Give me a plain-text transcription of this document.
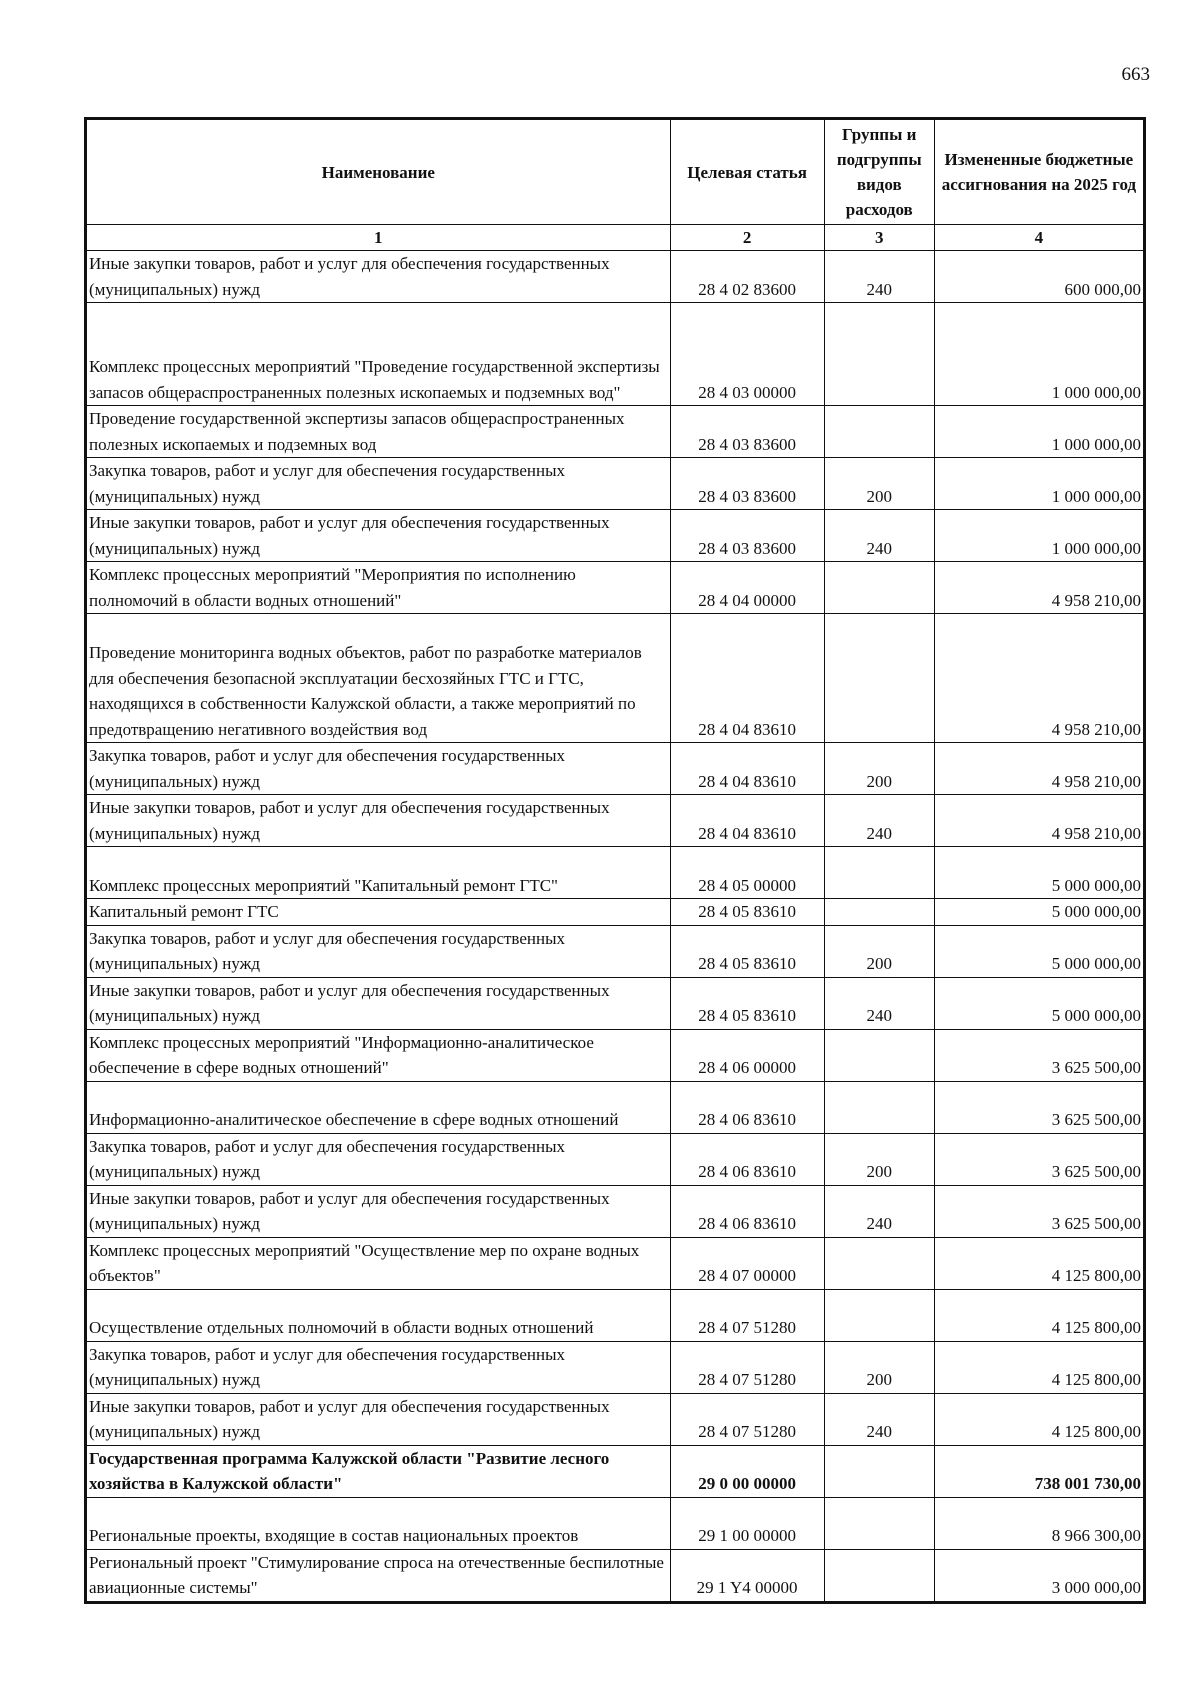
663
Наименование	Целевая статья	Группы и подгруппы видов расходов	Измененные бюджетные ассигнования на 2025 год
1	2	3	4
Иные закупки товаров, работ и услуг для обеспечения государственных (муниципальных) нужд	28 4 02 83600	240	600 000,00
Комплекс процессных мероприятий "Проведение государственной экспертизы запасов общераспространенных полезных ископаемых и подземных вод"	28 4 03 00000		1 000 000,00
Проведение государственной экспертизы запасов общераспространенных полезных ископаемых и подземных вод	28 4 03 83600		1 000 000,00
Закупка товаров, работ и услуг для обеспечения государственных (муниципальных) нужд	28 4 03 83600	200	1 000 000,00
Иные закупки товаров, работ и услуг для обеспечения государственных (муниципальных) нужд	28 4 03 83600	240	1 000 000,00
Комплекс процессных мероприятий "Мероприятия по исполнению полномочий в области водных отношений"	28 4 04 00000		4 958 210,00
Проведение мониторинга водных объектов, работ по разработке материалов для обеспечения безопасной эксплуатации бесхозяйных ГТС и ГТС, находящихся в собственности Калужской области, а также мероприятий по предотвращению негативного воздействия вод	28 4 04 83610		4 958 210,00
Закупка товаров, работ и услуг для обеспечения государственных (муниципальных) нужд	28 4 04 83610	200	4 958 210,00
Иные закупки товаров, работ и услуг для обеспечения государственных (муниципальных) нужд	28 4 04 83610	240	4 958 210,00
Комплекс процессных мероприятий "Капитальный ремонт ГТС"	28 4 05 00000		5 000 000,00
Капитальный ремонт ГТС	28 4 05 83610		5 000 000,00
Закупка товаров, работ и услуг для обеспечения государственных (муниципальных) нужд	28 4 05 83610	200	5 000 000,00
Иные закупки товаров, работ и услуг для обеспечения государственных (муниципальных) нужд	28 4 05 83610	240	5 000 000,00
Комплекс процессных мероприятий "Информационно-аналитическое обеспечение в сфере водных отношений"	28 4 06 00000		3 625 500,00
Информационно-аналитическое обеспечение в сфере водных отношений	28 4 06 83610		3 625 500,00
Закупка товаров, работ и услуг для обеспечения государственных (муниципальных) нужд	28 4 06 83610	200	3 625 500,00
Иные закупки товаров, работ и услуг для обеспечения государственных (муниципальных) нужд	28 4 06 83610	240	3 625 500,00
Комплекс процессных мероприятий "Осуществление мер по охране водных объектов"	28 4 07 00000		4 125 800,00
Осуществление отдельных полномочий в области водных отношений	28 4 07 51280		4 125 800,00
Закупка товаров, работ и услуг для обеспечения государственных (муниципальных) нужд	28 4 07 51280	200	4 125 800,00
Иные закупки товаров, работ и услуг для обеспечения государственных (муниципальных) нужд	28 4 07 51280	240	4 125 800,00
Государственная программа Калужской области "Развитие лесного хозяйства в Калужской области"	29 0 00 00000		738 001 730,00
Региональные проекты, входящие в состав национальных проектов	29 1 00 00000		8 966 300,00
Региональный проект "Стимулирование спроса на отечественные беспилотные авиационные системы"	29 1 Y4 00000		3 000 000,00
